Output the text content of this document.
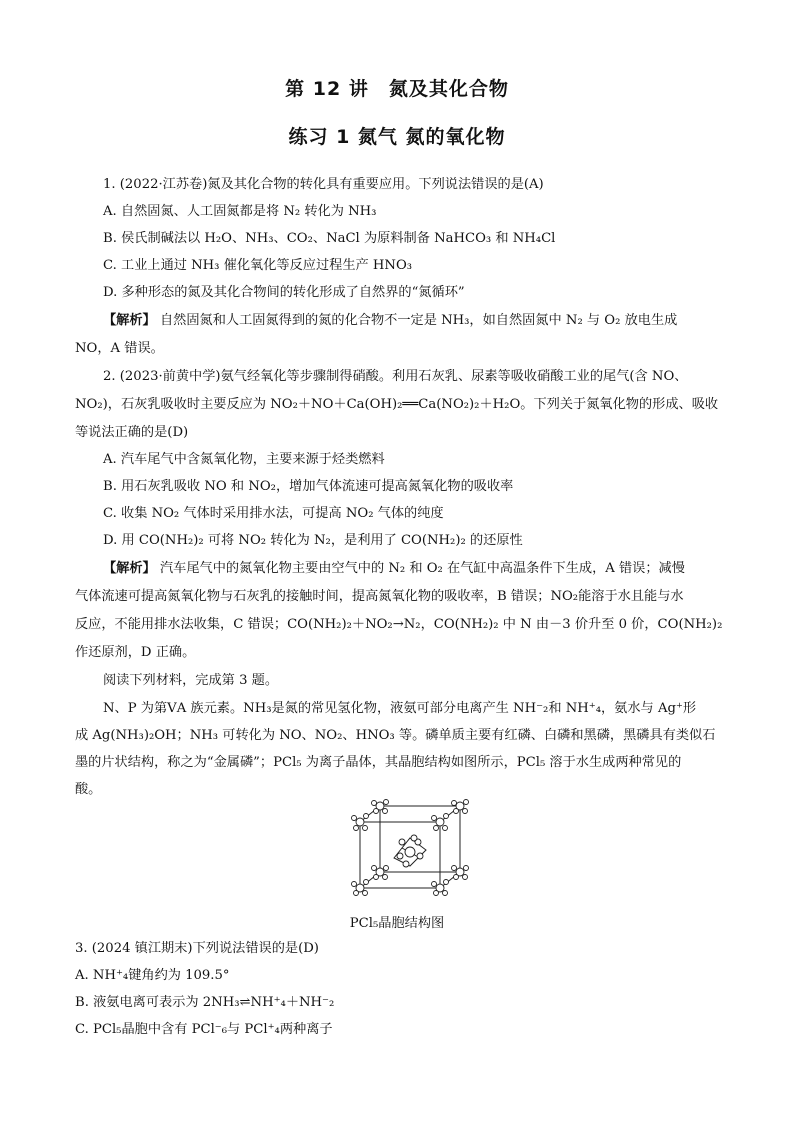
第 12 讲　氮及其化合物
练习 1 氮气 氮的氧化物
1. (2022·江苏卷)氮及其化合物的转化具有重要应用。下列说法错误的是(A)
A. 自然固氮、人工固氮都是将 N₂ 转化为 NH₃
B. 侯氏制碱法以 H₂O、NH₃、CO₂、NaCl 为原料制备 NaHCO₃ 和 NH₄Cl
C. 工业上通过 NH₃ 催化氧化等反应过程生产 HNO₃
D. 多种形态的氮及其化合物间的转化形成了自然界的“氮循环”
【解析】 自然固氮和人工固氮得到的氮的化合物不一定是 NH₃，如自然固氮中 N₂ 与 O₂ 放电生成
NO，A 错误。
2. (2023·前黄中学)氨气经氧化等步骤制得硝酸。利用石灰乳、尿素等吸收硝酸工业的尾气(含 NO、
NO₂)，石灰乳吸收时主要反应为 NO₂＋NO＋Ca(OH)₂══Ca(NO₂)₂＋H₂O。下列关于氮氧化物的形成、吸收
等说法正确的是(D)
A. 汽车尾气中含氮氧化物，主要来源于烃类燃料
B. 用石灰乳吸收 NO 和 NO₂，增加气体流速可提高氮氧化物的吸收率
C. 收集 NO₂ 气体时采用排水法，可提高 NO₂ 气体的纯度
D. 用 CO(NH₂)₂ 可将 NO₂ 转化为 N₂，是利用了 CO(NH₂)₂ 的还原性
【解析】 汽车尾气中的氮氧化物主要由空气中的 N₂ 和 O₂ 在气缸中高温条件下生成，A 错误；减慢
气体流速可提高氮氧化物与石灰乳的接触时间，提高氮氧化物的吸收率，B 错误；NO₂能溶于水且能与水
反应，不能用排水法收集，C 错误；CO(NH₂)₂＋NO₂→N₂，CO(NH₂)₂ 中 N 由－3 价升至 0 价，CO(NH₂)₂
作还原剂，D 正确。
阅读下列材料，完成第 3 题。
N、P 为第ⅤA 族元素。NH₃是氮的常见氢化物，液氨可部分电离产生 NH⁻₂和 NH⁺₄，氨水与 Ag⁺形
成 Ag(NH₃)₂OH；NH₃ 可转化为 NO、NO₂、HNO₃ 等。磷单质主要有红磷、白磷和黑磷，黑磷具有类似石
墨的片状结构，称之为“金属磷”；PCl₅ 为离子晶体，其晶胞结构如图所示，PCl₅ 溶于水生成两种常见的
酸。
PCl₅晶胞结构图
3. (2024 镇江期末)下列说法错误的是(D)
A. NH⁺₄键角约为 109.5°
B. 液氨电离可表示为 2NH₃⇌NH⁺₄＋NH⁻₂
C. PCl₅晶胞中含有 PCl⁻₆与 PCl⁺₄两种离子
